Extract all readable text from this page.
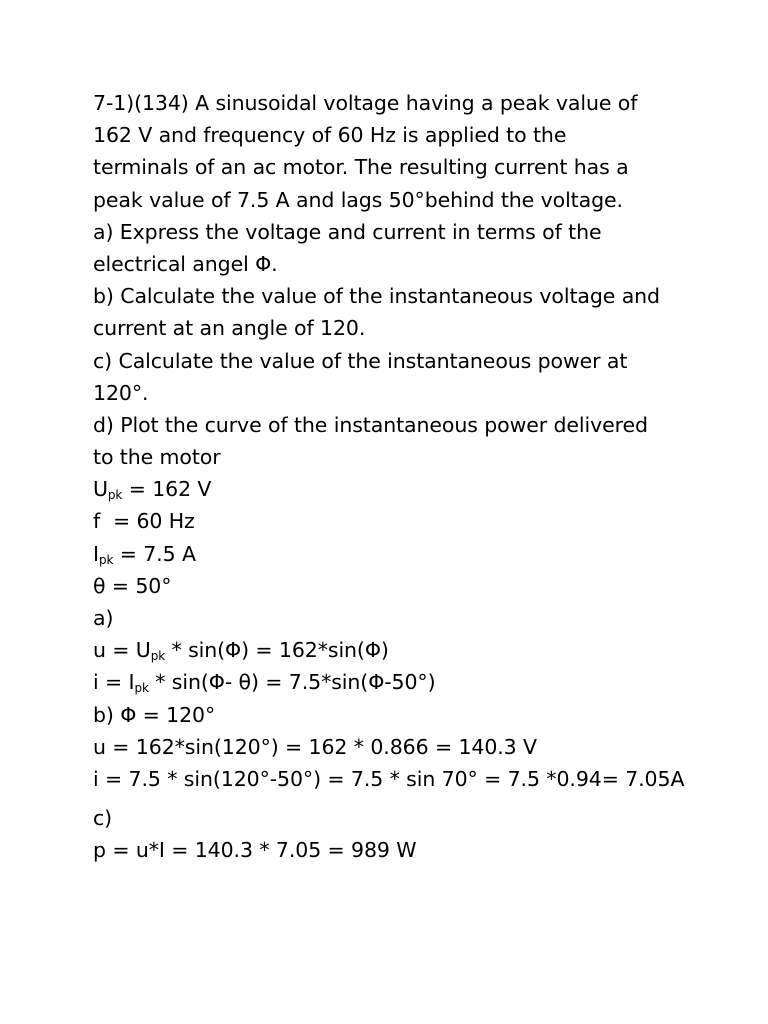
7-1)(134) A sinusoidal voltage having a peak value of
162 V and frequency of 60 Hz is applied to the
terminals of an ac motor. The resulting current has a
peak value of 7.5 A and lags 50°behind the voltage.
a) Express the voltage and current in terms of the
electrical angel Φ.
b) Calculate the value of the instantaneous voltage and
current at an angle of 120.
c) Calculate the value of the instantaneous power at
120°.
d) Plot the curve of the instantaneous power delivered
to the motor
$U_{pk} = 162$ V
f  = 60 Hz
$I_{pk} = 7.5$ A
θ = 50°
a)
$u = U_{pk} * \sin(\Phi) = 162*\sin(\Phi)$
$i = I_{pk} * \sin(\Phi-$ θ) = 7.5*sin(Φ-50°)
b) Φ = 120°
u = 162*sin(120°) = 162 * 0.866 = 140.3 V
i = 7.5 * sin(120°-50°) = 7.5 * sin 70° = 7.5 *0.94= 7.05A
c)
p = u*I = 140.3 * 7.05 = 989 W
